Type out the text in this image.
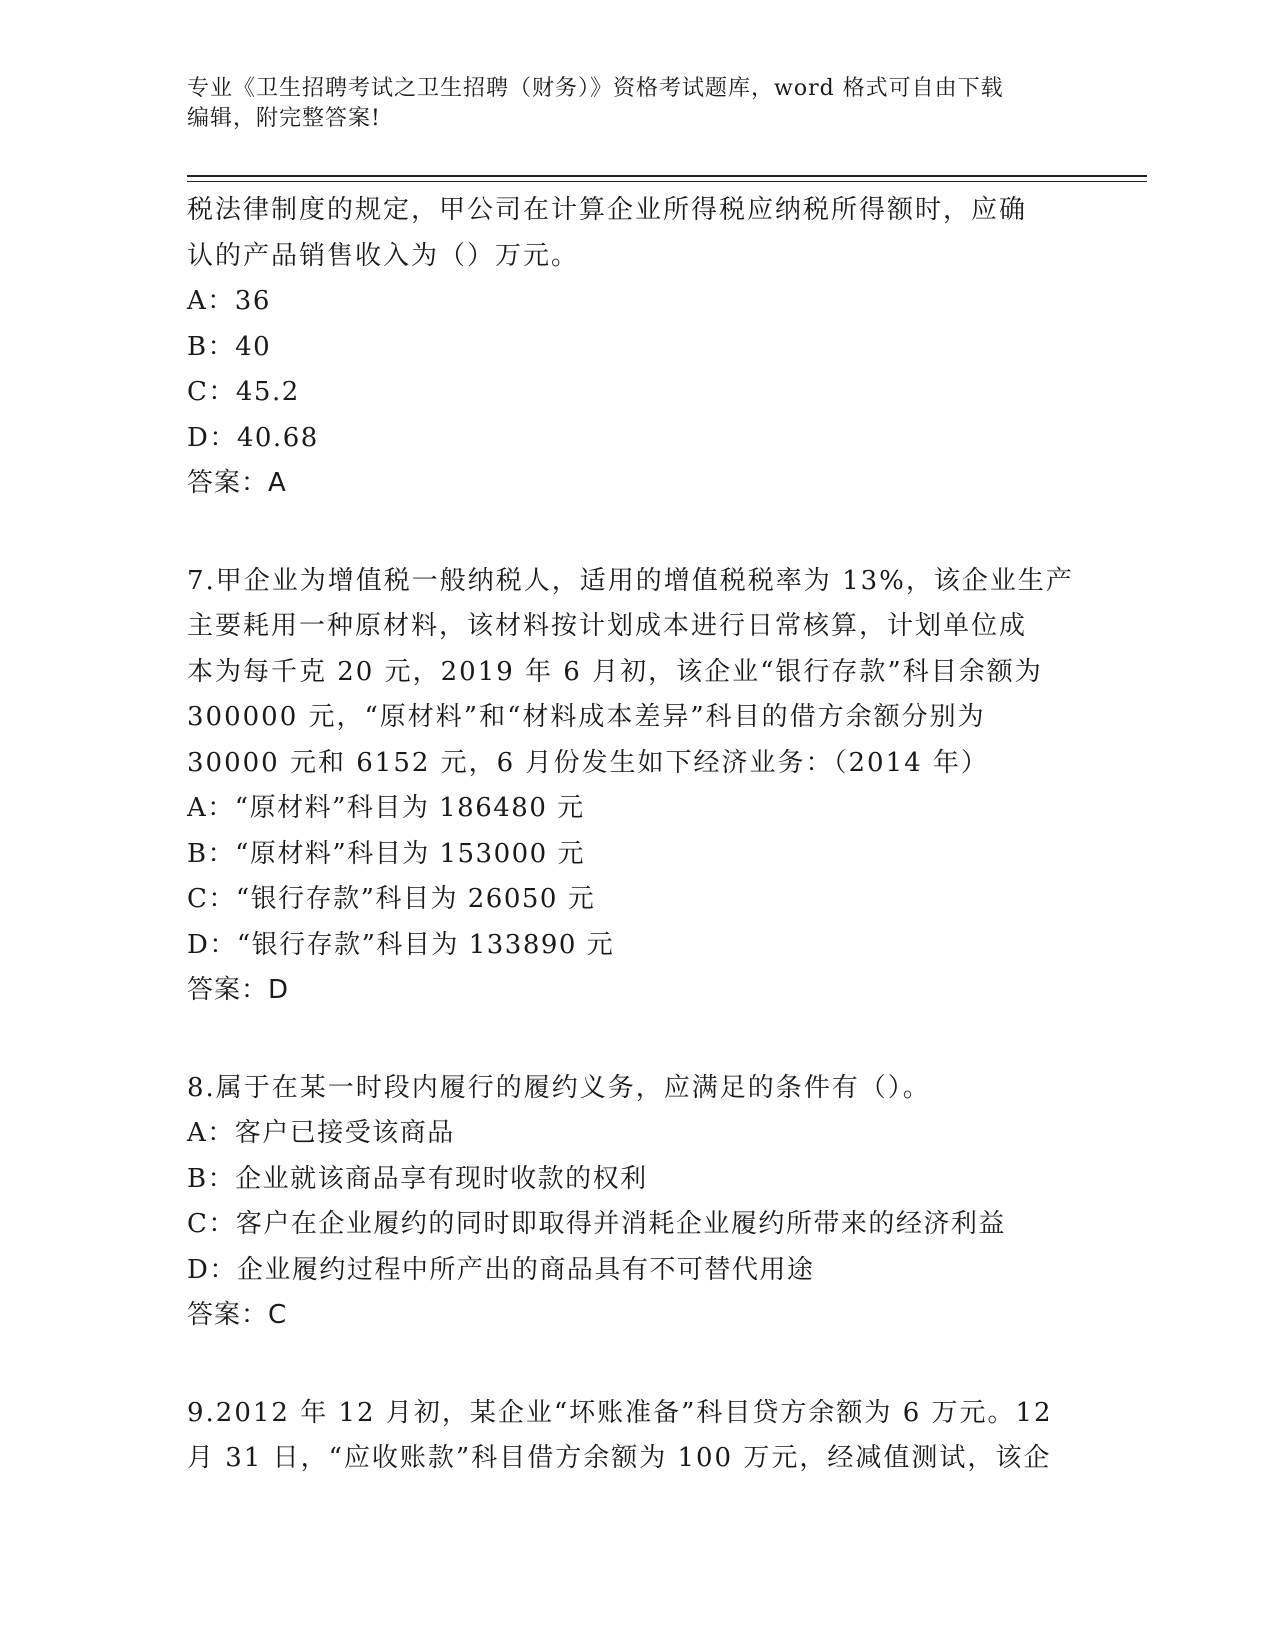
专业《卫生招聘考试之卫生招聘（财务）》资格考试题库，word 格式可自由下载

编辑，附完整答案!

税法律制度的规定，甲公司在计算企业所得税应纳税所得额时，应确

认的产品销售收入为（）万元。

A：36

B：40

C：45.2

D：40.68

答案：A

7.甲企业为增值税一般纳税人，适用的增值税税率为 13%，该企业生产

主要耗用一种原材料，该材料按计划成本进行日常核算，计划单位成

本为每千克 20 元，2019 年 6 月初，该企业“银行存款”科目余额为

300000 元，“原材料”和“材料成本差异”科目的借方余额分别为

30000 元和 6152 元，6 月份发生如下经济业务：（2014 年）

A：“原材料”科目为 186480 元

B：“原材料”科目为 153000 元

C：“银行存款”科目为 26050 元

D：“银行存款”科目为 133890 元

答案：D

8.属于在某一时段内履行的履约义务，应满足的条件有（）。

A：客户已接受该商品

B：企业就该商品享有现时收款的权利

C：客户在企业履约的同时即取得并消耗企业履约所带来的经济利益

D：企业履约过程中所产出的商品具有不可替代用途

答案：C

9.2012 年 12 月初，某企业“坏账准备”科目贷方余额为 6 万元。12

月 31 日，“应收账款”科目借方余额为 100 万元，经减值测试，该企
